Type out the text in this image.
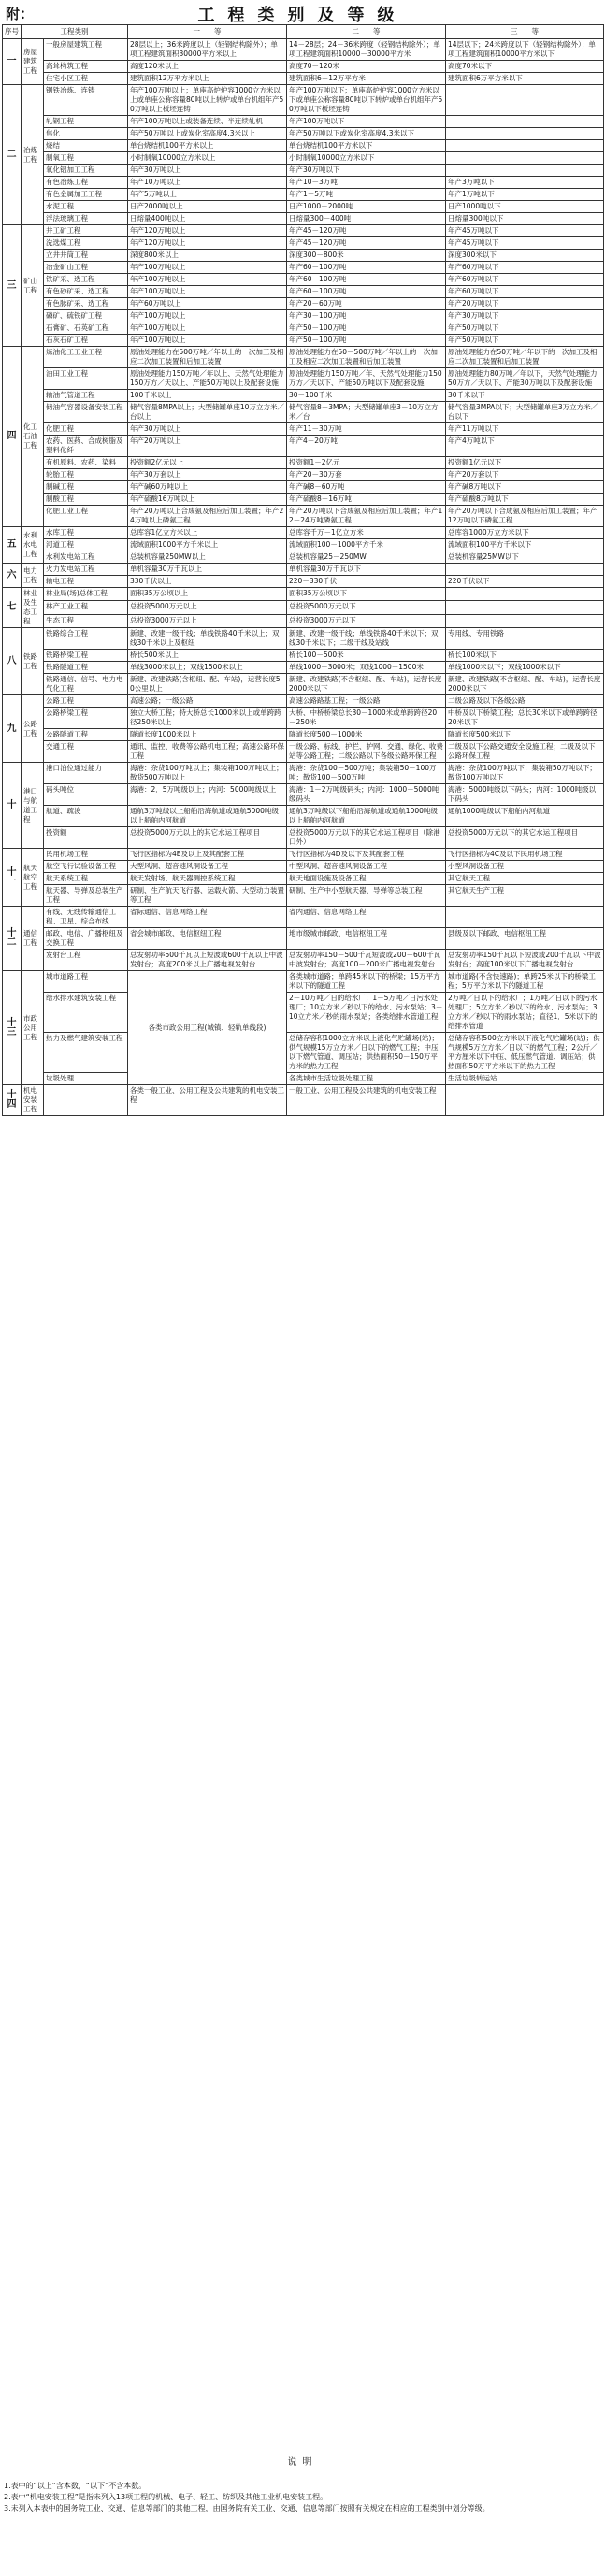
附：	工程类别及等级
序号	工程类别		一　　等	二　　等	三　　等
一	房屋建筑工程	一般房屋建筑工程	28层以上；36米跨度以上（轻钢结构除外）；单项工程建筑面积30000平方米以上	14－28层；24－36米跨度（轻钢结构除外）；单项工程建筑面积10000－30000平方米	14层以下；24米跨度以下（轻钢结构除外）；单项工程建筑面积10000平方米以下
		高耸构筑工程	高度120米以上	高度70－120米	高度70米以下
		住宅小区工程	建筑面积12万平方米以上	建筑面积6－12万平方米	建筑面积6万平方米以下
二	冶炼工程	钢铁冶炼、连铸	年产100万吨以上；单座高炉炉容1000立方米以上或单座公称容量80吨以上转炉或单台机组年产50万吨以上板坯连铸	年产100万吨以下；单座高炉炉容1000立方米以下或单座公称容量80吨以下转炉或单台机组年产50万吨以下板坯连铸	
		轧钢工程	年产100万吨以上或装备连续、半连续轧机	年产100万吨以下	
		焦化	年产50万吨以上或炭化室高度4.3米以上	年产50万吨以下或炭化室高度4.3米以下	
		烧结	单台烧结机100平方米以上	单台烧结机100平方米以下	
		制氧工程	小时制氧10000立方米以上	小时制氧10000立方米以下	
		氧化铝加工工程	年产30万吨以上	年产30万吨以下	
		有色冶炼工程	年产10万吨以上	年产10－3万吨	年产3万吨以下
		有色金属加工工程	年产5万吨以上	年产1－5万吨	年产1万吨以下
		水泥工程	日产2000吨以上	日产1000－2000吨	日产1000吨以下
		浮法玻璃工程	日熔量400吨以上	日熔量300－400吨	日熔量300吨以下
三	矿山工程	井工矿工程	年产120万吨以上	年产45－120万吨	年产45万吨以下
		洗选煤工程	年产120万吨以上	年产45－120万吨	年产45万吨以下
		立井井筒工程	深度800米以上	深度300－800米	深度300米以下
		冶金矿山工程	年产100万吨以上	年产60－100万吨	年产60万吨以下
		铁矿采、选工程	年产100万吨以上	年产60－100万吨	年产60万吨以下
		有色砂矿采、选工程	年产100万吨以上	年产60－100万吨	年产60万吨以下
		有色脉矿采、选工程	年产60万吨以上	年产20－60万吨	年产20万吨以下
		磷矿、硫铁矿工程	年产100万吨以上	年产30－100万吨	年产30万吨以下
		石膏矿、石英矿工程	年产100万吨以上	年产50－100万吨	年产50万吨以下
		石灰石矿工程	年产100万吨以上	年产50－100万吨	年产50万吨以下
四	化工石油工程	炼油化工工业工程	原油处理能力在500万吨／年以上的一次加工及相应二次加工装置和后加工装置	原油处理能力在50－500万吨／年以上的一次加工及相应二次加工装置和后加工装置	原油处理能力在50万吨／年以下的一次加工及相应二次加工装置和后加工装置
		油田工业工程	原油处理能力150万吨／年以上、天然气处理能力150万方／天以上、产能50万吨以上及配套设施	原油处理能力150万吨／年、天然气处理能力150万方／天以下、产能50万吨以下及配套设施	原油处理能力80万吨／年以下，天然气处理能力50万方／天以下、产能30万吨以下及配套设施
		输油气管道工程	100千米以上	30－100千米	30千米以下
		储油气容器设备安装工程	储气容量8MPA以上；大型储罐单座10万立方米／台以上	储气容量8－3MPA；大型储罐单座3－10万立方米／台	储气容量3MPA以下；大型储罐单座3万立方米／台以下
		化肥工程	年产30万吨以上	年产11－30万吨	年产11万吨以下
		农药、医药、合成树脂及塑料化纤	年产20万吨以上	年产4－20万吨	年产4万吨以下
		有机原料、农药、染料	投资额2亿元以上	投资额1－2亿元	投资额1亿元以下
		轮胎工程	年产30万套以上	年产20－30万套	年产20万套以下
		制碱工程	年产碱60万吨以上	年产碱8－60万吨	年产碱8万吨以下
		制酸工程	年产硫酸16万吨以上	年产硫酸8－16万吨	年产硫酸8万吨以下
		化肥工业工程	年产20万吨以上合成氨及相应后加工装置；年产24万吨以上磷氨工程	年产20万吨以下合成氨及相应后加工装置；年产12－24万吨磷氨工程	年产20万吨以下合成氨及相应后加工装置；年产12万吨以下磷氨工程
五	水利水电工程	水库工程	总库容1亿立方米以上	总库容千万－1亿立方米	总库容1000万立方米以下
		河道工程	流域面积1000平方千米以上	流域面积100－1000平方千米	流域面积100平方千米以下
		水利发电站工程	总装机容量250MW以上	总装机容量25－250MW	总装机容量25MW以下
六	电力工程	火力发电站工程	单机容量30万千瓦以上	单机容量30万千瓦以下	
		输电工程	330千伏以上	220－330千伏	220千伏以下
七	林业及生态工程	林业局(场)总体工程	面积35万公顷以上	面积35万公顷以下	
		林产工业工程	总投资5000万元以上	总投资5000万元以下	
		生态工程	总投资3000万元以上	总投资3000万元以下	
八	铁路工程	铁路综合工程	新建、改建一级干线；单线铁路40千米以上；双线30千米以上及枢纽	新建、改建一级干线；单线铁路40千米以下；双线30千米以下；二级干线及站线	专用线、专用铁路
		铁路桥梁工程	桥长500米以上	桥长100－500米	桥长100米以下
		铁路隧道工程	单线3000米以上；双线1500米以上	单线1000－3000米；双线1000－1500米	单线1000米以下；双线1000米以下
		铁路通信、信号、电力电气化工程	新建、改建铁路(含枢纽、配、车站)，运营长度50公里以上	新建、改建铁路(不含枢纽、配、车站)，运营长度2000米以下	新建、改建铁路(不含枢纽、配、车站)，运营长度2000米以下
九	公路工程	公路工程	高速公路；一级公路	高速公路路基工程；一级公路	二级公路及以下各级公路
		公路桥梁工程	独立大桥工程；特大桥总长1000米以上或单跨跨径250米以上	大桥、中桥桥梁总长30－1000米或单跨跨径20－250米	中桥及以下桥梁工程；总长30米以下或单跨跨径20米以下
		公路隧道工程	隧道长度1000米以上	隧道长度500－1000米	隧道长度500米以下
		交通工程	通讯、监控、收费等公路机电工程；高速公路环保工程	一级公路、标线、护栏、护网、交通、绿化、收费站等公路工程；二级公路以下各级公路环保工程	二级及以下公路交通安全设施工程；二级及以下公路环保工程
十	港口与航道工程	港口泊位通过能力	海港：杂货100万吨以上；集装箱100万吨以上；散货500万吨以上	海港：杂货100－500万吨；集装箱50－100万吨；散货100－500万吨	海港：杂货100万吨以下；集装箱50万吨以下；散货100万吨以下
		码头吨位	海港：2．5万吨级以上；内河：5000吨级以上	海港：1－2万吨级码头；内河：1000－5000吨级码头	海港：5000吨级以下码头；内河：1000吨级以下码头
		航道、疏浚	通航3万吨级以上船舶沿海航道或通航5000吨级以上船舶内河航道	通航3万吨级以下船舶沿海航道或通航1000吨级以上船舶内河航道	通航1000吨级以下船舶内河航道
		投资额	总投资5000万元以上的其它水运工程项目	总投资5000万元以下的其它水运工程项目（除港口外）	总投资5000万元以下的其它水运工程项目
十一	航天航空工程	民用机场工程	飞行区指标为4E及以上及其配套工程	飞行区指标为4D及以下及其配套工程	飞行区指标为4C及以下民用机场工程
		航空飞行试验设备工程	大型风洞、超音速风洞设备工程	中型风洞、超音速风洞设备工程	小型风洞设备工程
		航天系统工程	航天发射场、航天器测控系统工程	航天地面设施及设备工程	其它航天工程
		航天器、导弹及总装生产工程	研制、生产航天飞行器、运载火箭、大型动力装置等工程	研制、生产中小型航天器、导弹等总装工程	其它航天生产工程
十二	通信工程	有线、无线传输通信工程、卫星、综合布线	省际通信、信息网络工程	省内通信、信息网络工程	
		邮政、电信、广播枢纽及交换工程	省会城市邮政、电信枢纽工程	地市级城市邮政、电信枢纽工程	县级及以下邮政、电信枢纽工程
		发射台工程	总发射功率500千瓦以上短波或600千瓦以上中波发射台；高度200米以上广播电视发射台	总发射功率150－500千瓦短波或200－600千瓦中波发射台；高度100－200米广播电视发射台	总发射功率150千瓦以下短波或200千瓦以下中波发射台；高度100米以下广播电视发射台
十三	市政公用工程	城市道路工程	各类市政公用工程(城镇、轻轨单线段)	各类城市道路；单跨45米以下的桥梁；15万平方米以下的隧道工程	城市道路(不含快速路)；单跨25米以下的桥梁工程；5万平方米以下的隧道工程
		给水排水建筑安装工程		2－10万吨／日的给水厂；1－5万吨／日污水处理厂；10立方米／秒以下的给水、污水泵站；3－10立方米／秒的雨水泵站；各类给排水管道工程	2万吨／日以下的给水厂；1万吨／日以下的污水处理厂；5立方米／秒以下的给水、污水泵站；3立方米／秒以下的雨水泵站；直径1．5米以下的给排水管道
		热力及燃气建筑安装工程		总储存容积1000立方米以上液化气贮罐场(站)；供气规模15万立方米／日以下的燃气工程；中压以下燃气管道、调压站；供热面积50－150万平方米的热力工程	总储存容积500立方米以下液化气贮罐场(站)；供气规模5万立方米／日以下的燃气工程；2公斤／平方厘米以下中压、低压燃气管道、调压站；供热面积50万平方米以下的热力工程
		垃圾处理		各类城市生活垃圾处理工程	生活垃圾转运站
十四	机电安装工程		各类一般工业、公用工程及公共建筑的机电安装工程	一般工业、公用工程及公共建筑的机电安装工程	
说明
1.表中的“以上”含本数，“以下”不含本数。
2.表中“机电安装工程”是指未列入13项工程的机械、电子、轻工、纺织及其他工业机电安装工程。
3.未列入本表中的国务院工业、交通、信息等部门的其他工程，由国务院有关工业、交通、信息等部门按照有关规定在相应的工程类别中划分等级。
